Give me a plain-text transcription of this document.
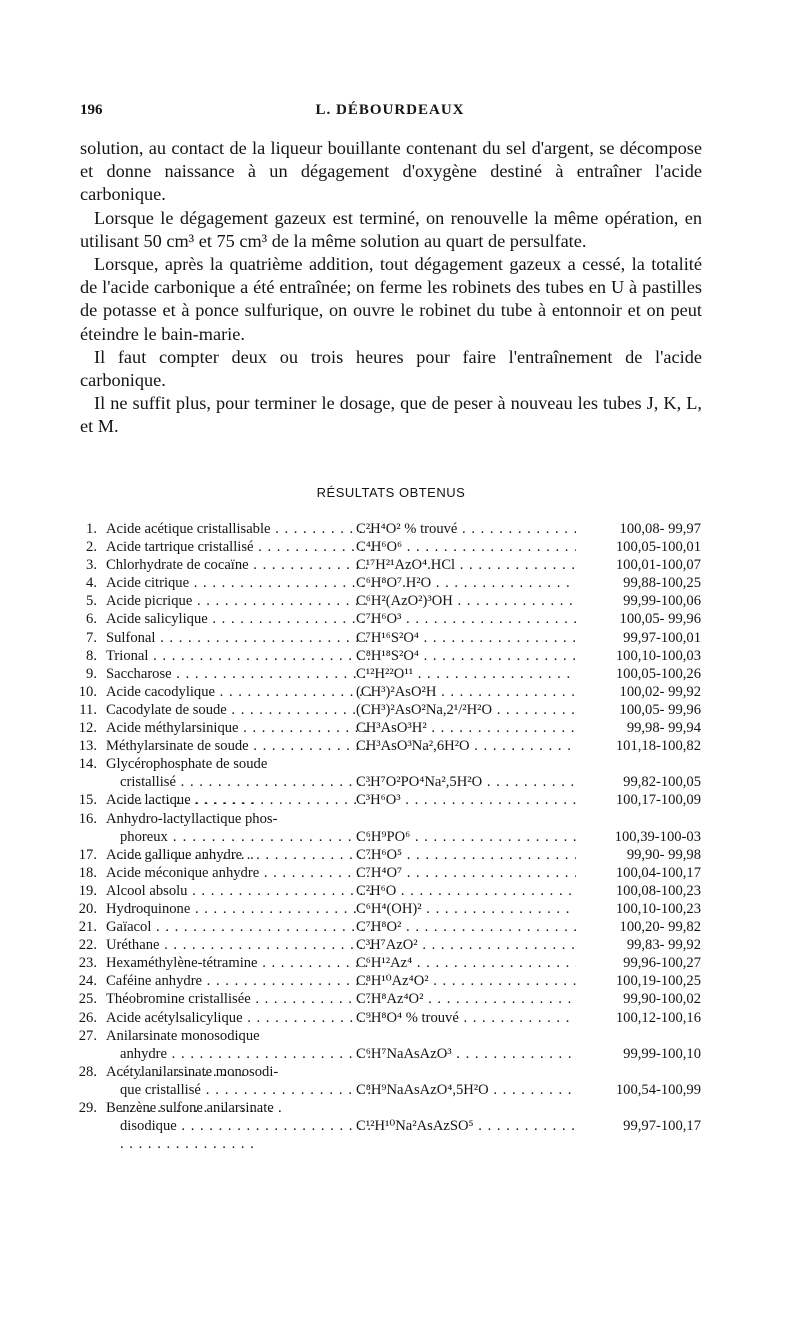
196	L. DÉBOURDEAUX

solution, au contact de la liqueur bouillante contenant du sel d'argent, se décompose et donne naissance à un dégagement d'oxygène destiné à entraîner l'acide carbonique.

Lorsque le dégagement gazeux est terminé, on renouvelle la même opération, en utilisant 50 cm³ et 75 cm³ de la même solution au quart de persulfate.

Lorsque, après la quatrième addition, tout dégagement gazeux a cessé, la totalité de l'acide carbonique a été entraînée; on ferme les robinets des tubes en U à pastilles de potasse et à ponce sulfurique, on ouvre le robinet du tube à entonnoir et on peut éteindre le bain-marie.

Il faut compter deux ou trois heures pour faire l'entraînement de l'acide carbonique.

Il ne suffit plus, pour terminer le dosage, que de peser à nouveau les tubes J, K, L, et M.

RÉSULTATS OBTENUS
1. Acide acétique cristallisable . . .	C²H⁴O² % trouvé . . .	100,08- 99,97
2. Acide tartrique cristallisé . . .	C⁴H⁶O⁶ . . .	100,05-100,01
3. Chlorhydrate de cocaïne . . .	C¹⁷H²¹AzO⁴.HCl . . .	100,01-100,07
4. Acide citrique . . .	C⁶H⁸O⁷.H²O . . .	99,88-100,25
5. Acide picrique . . .	C⁶H²(AzO²)³OH . . .	99,99-100,06
6. Acide salicylique . . .	C⁷H⁶O³ . . .	100,05- 99,96
7. Sulfonal . . .	C⁷H¹⁶S²O⁴ . . .	99,97-100,01
8. Trional . . .	C⁸H¹⁸S²O⁴ . . .	100,10-100,03
9. Saccharose . . .	C¹²H²²O¹¹ . . .	100,05-100,26
10. Acide cacodylique . . .	(CH³)²AsO²H . . .	100,02- 99,92
11. Cacodylate de soude . . .	(CH³)²AsO²Na,2¹/²H²O . . .	100,05- 99,96
12. Acide méthylarsinique . . .	CH³AsO³H² . . .	99,98- 99,94
13. Méthylarsinate de soude . . .	CH³AsO³Na²,6H²O . . .	101,18-100,82
14. Glycérophosphate de soude
cristallisé . . .	C³H⁷O²PO⁴Na²,5H²O . . .	99,82-100,05
15. Acide lactique . . .	C³H⁶O³ . . .	100,17-100,09
16. Anhydro-lactyllactique phos-
phoreux . . .	C⁶H⁹PO⁶ . . .	100,39-100-03
17. Acide gallique anhydre . . .	C⁷H⁶O⁵ . . .	99,90- 99,98
18. Acide méconique anhydre . . .	C⁷H⁴O⁷ . . .	100,04-100,17
19. Alcool absolu . . .	C²H⁶O . . .	100,08-100,23
20. Hydroquinone . . .	C⁶H⁴(OH)² . . .	100,10-100,23
21. Gaïacol . . .	C⁷H⁸O² . . .	100,20- 99,82
22. Uréthane . . .	C³H⁷AzO² . . .	99,83- 99,92
23. Hexaméthylène-tétramine . . .	C⁶H¹²Az⁴ . . .	99,96-100,27
24. Caféine anhydre . . .	C⁸H¹⁰Az⁴O² . . .	100,19-100,25
25. Théobromine cristallisée . . .	C⁷H⁸Az⁴O² . . .	99,90-100,02
26. Acide acétylsalicylique . . .	C⁹H⁸O⁴ % trouvé . . .	100,12-100,16
27. Anilarsinate monosodique
anhydre . . .	C⁶H⁷NaAsAzO³ . . .	99,99-100,10
28. Acétylanilarsinate monosodi-
que cristallisé . . .	C⁸H⁹NaAsAzO⁴,5H²O . . .	100,54-100,99
29. Benzène sulfone anilarsinate
disodique . . .	C¹²H¹⁰Na²AsAzSO⁵ . . .	99,97-100,17
